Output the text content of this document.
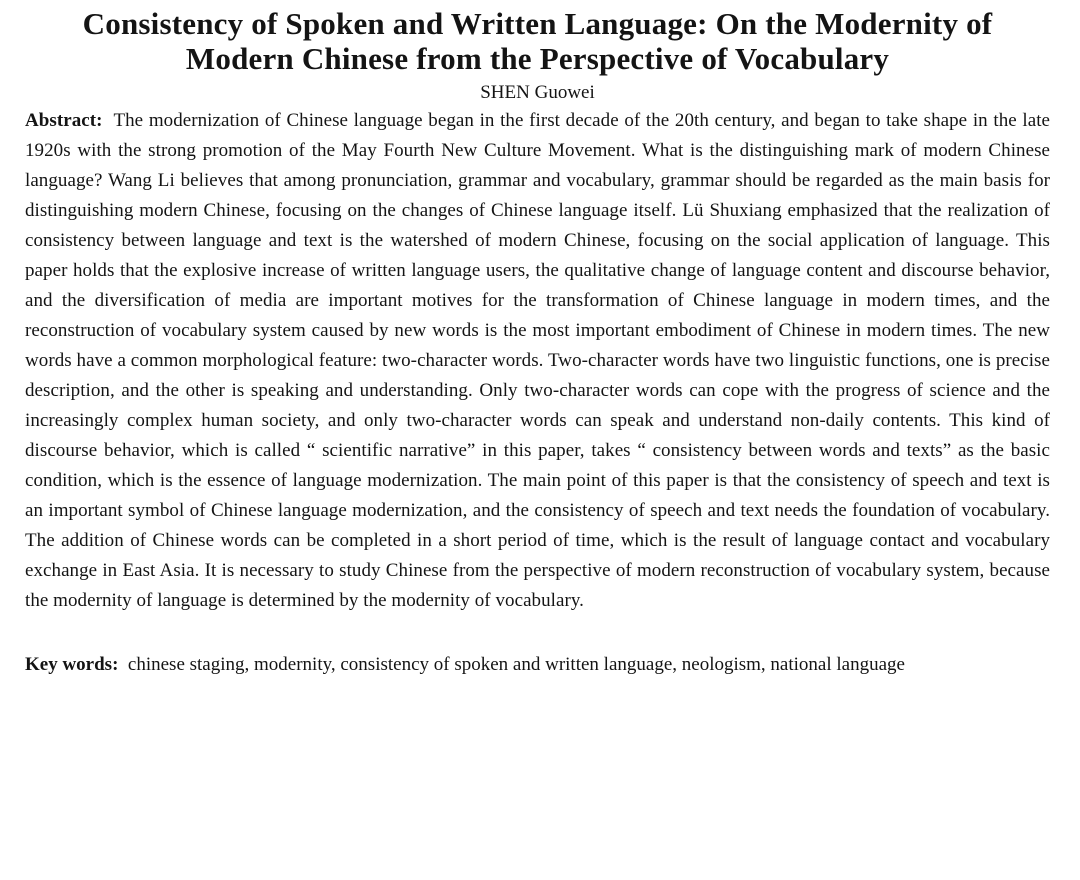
Consistency of Spoken and Written Language: On the Modernity of
Modern Chinese from the Perspective of Vocabulary
SHEN Guowei

Abstract: The modernization of Chinese language began in the first decade of the 20th century, and began to take shape in the late 1920s with the strong promotion of the May Fourth New Culture Movement. What is the distinguishing mark of modern Chinese language? Wang Li believes that among pronunciation, grammar and vocabulary, grammar should be regarded as the main basis for distinguishing modern Chinese, focusing on the changes of Chinese language itself. Lü Shuxiang emphasized that the realization of consistency between language and text is the watershed of modern Chinese, focusing on the social application of language. This paper holds that the explosive increase of written language users, the qualitative change of language content and discourse behavior, and the diversification of media are important motives for the transformation of Chinese language in modern times, and the reconstruction of vocabulary system caused by new words is the most important embodiment of Chinese in modern times. The new words have a common morphological feature: two-character words. Two-character words have two linguistic functions, one is precise description, and the other is speaking and understanding. Only two-character words can cope with the progress of science and the increasingly complex human society, and only two-character words can speak and understand non-daily contents. This kind of discourse behavior, which is called “ scientific narrative” in this paper, takes “ consistency between words and texts” as the basic condition, which is the essence of language modernization. The main point of this paper is that the consistency of speech and text is an important symbol of Chinese language modernization, and the consistency of speech and text needs the foundation of vocabulary. The addition of Chinese words can be completed in a short period of time, which is the result of language contact and vocabulary exchange in East Asia. It is necessary to study Chinese from the perspective of modern reconstruction of vocabulary system, because the modernity of language is determined by the modernity of vocabulary.

Key words: chinese staging, modernity, consistency of spoken and written language, neologism, national language
